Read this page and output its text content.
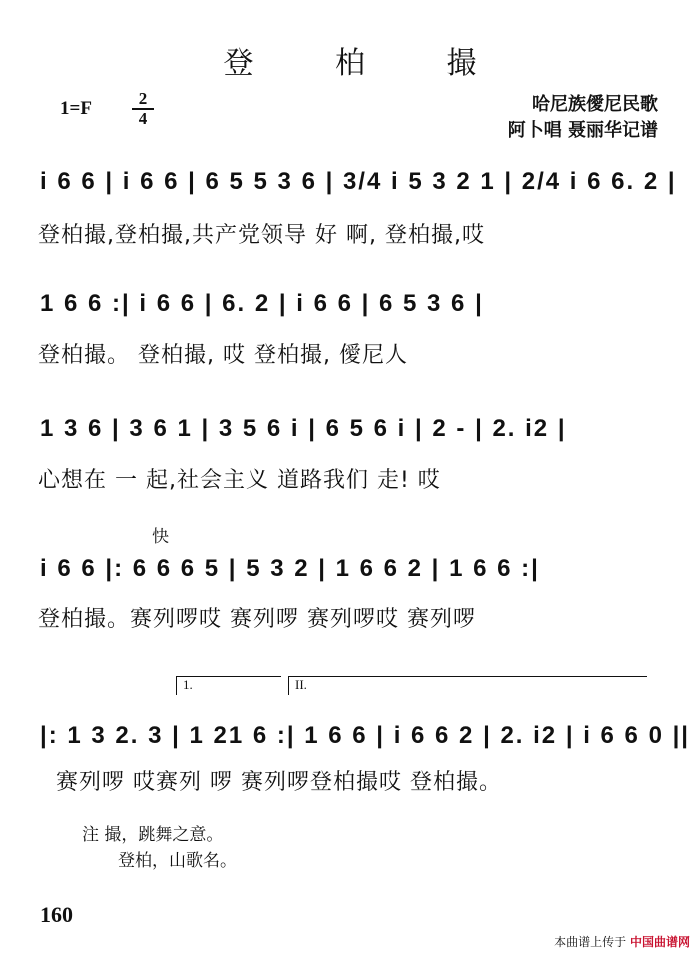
登 柏 撮
1=F	2
4
哈尼族僾尼民歌
阿卜唱 聂丽华记谱
i 6 6 | i 6 6 | 6 5 5 3 6 | 3/4 i 5 3 2 1 | 2/4 i 6 6. 2 |
登柏撮,登柏撮,共产党领导 好 啊, 登柏撮,哎
1 6 6 :| i 6 6 | 6. 2 | i 6 6 | 6 5 3 6 |
登柏撮。 登柏撮, 哎 登柏撮, 僾尼人
1 3 6 | 3 6 1 | 3 5 6 i | 6 5 6 i | 2 - | 2. i2 |
心想在 一 起,社会主义 道路我们 走! 哎
快
i 6 6 |: 6 6 6 5 | 5 3 2 | 1 6 6 2 | 1 6 6 :|
登柏撮。赛列啰哎 赛列啰 赛列啰哎 赛列啰
1.	II.
|: 1 3 2. 3 | 1 21 6 :| 1 6 6 | i 6 6 2 | 2. i2 | i 6 6 0 ||
赛列啰 哎赛列 啰 赛列啰登柏撮哎 登柏撮。
注 撮，跳舞之意。
登柏，山歌名。
160
本曲谱上传于 中国曲谱网
